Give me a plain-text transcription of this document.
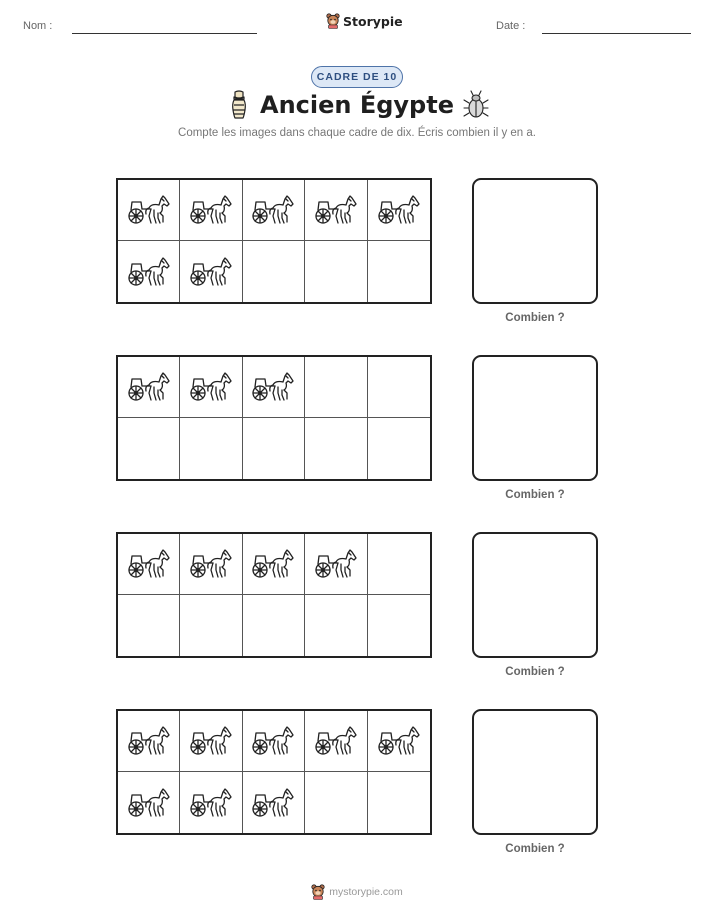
Nom :	Storypie	Date :
CADRE DE 10
Ancien Égypte
Compte les images dans chaque cadre de dix. Écris combien il y en a.
Combien ?
Combien ?
Combien ?
Combien ?
mystorypie.com
